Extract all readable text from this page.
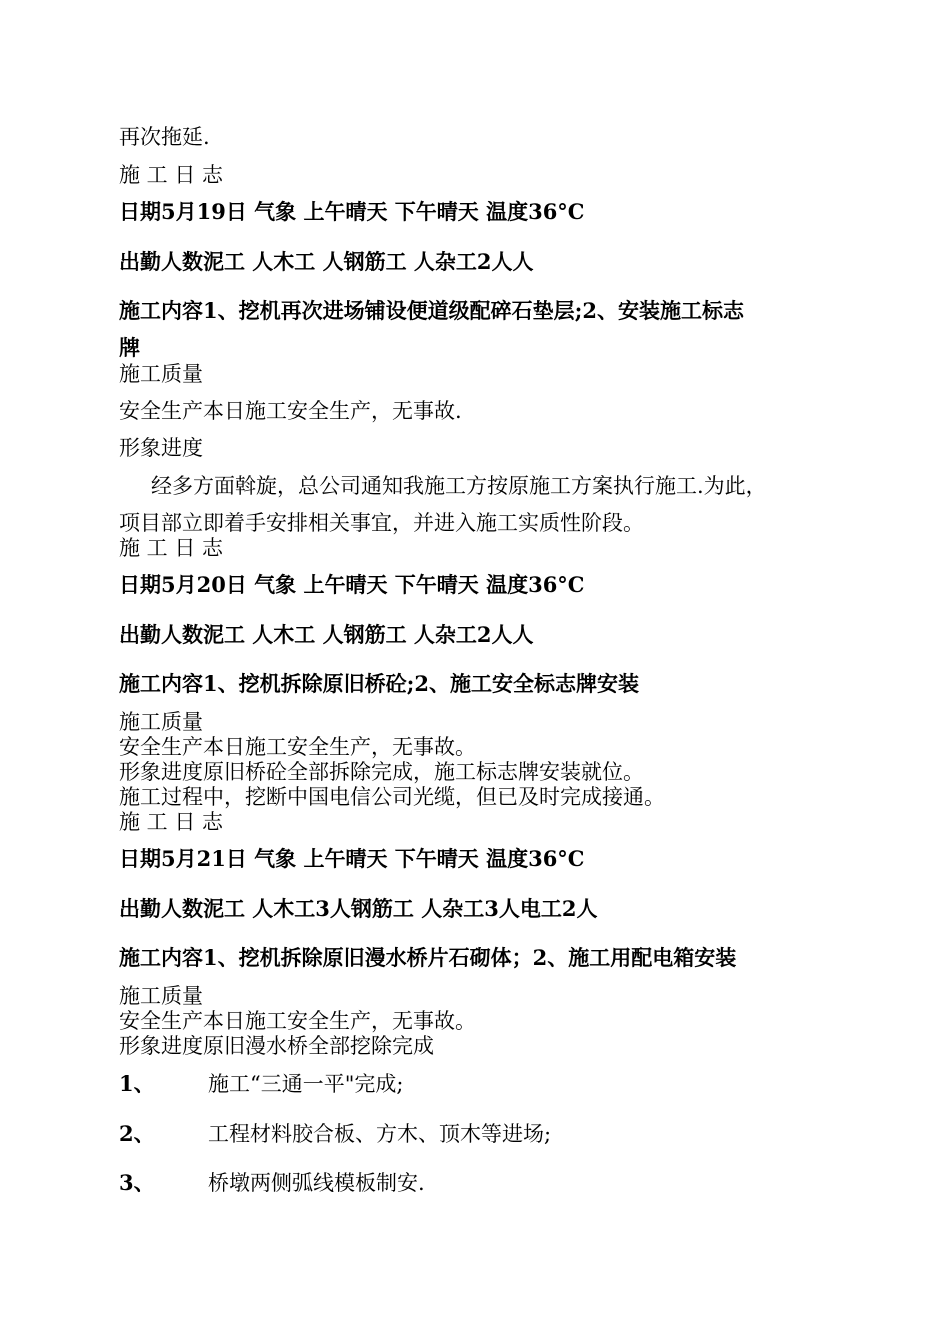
再次拖延.
施 工 日 志
日期5月19日 气象 上午晴天 下午晴天 温度36°C
出勤人数泥工 人木工 人钢筋工 人杂工2人人
施工内容1、挖机再次进场铺设便道级配碎石垫层;2、安装施工标志
牌
施工质量
安全生产本日施工安全生产，无事故.
形象进度
经多方面斡旋，总公司通知我施工方按原施工方案执行施工.为此，
项目部立即着手安排相关事宜，并进入施工实质性阶段。
施 工 日 志
日期5月20日 气象 上午晴天 下午晴天 温度36°C
出勤人数泥工 人木工 人钢筋工 人杂工2人人
施工内容1、挖机拆除原旧桥砼;2、施工安全标志牌安装
施工质量
安全生产本日施工安全生产，无事故。
形象进度原旧桥砼全部拆除完成，施工标志牌安装就位。
施工过程中，挖断中国电信公司光缆，但已及时完成接通。
施 工 日 志
日期5月21日 气象 上午晴天 下午晴天 温度36°C
出勤人数泥工 人木工3人钢筋工 人杂工3人电工2人
施工内容1、挖机拆除原旧漫水桥片石砌体；2、施工用配电箱安装
施工质量
安全生产本日施工安全生产，无事故。
形象进度原旧漫水桥全部挖除完成
1、	施工“三通一平"完成;
2、	工程材料胶合板、方木、顶木等进场;
3、	桥墩两侧弧线模板制安.
